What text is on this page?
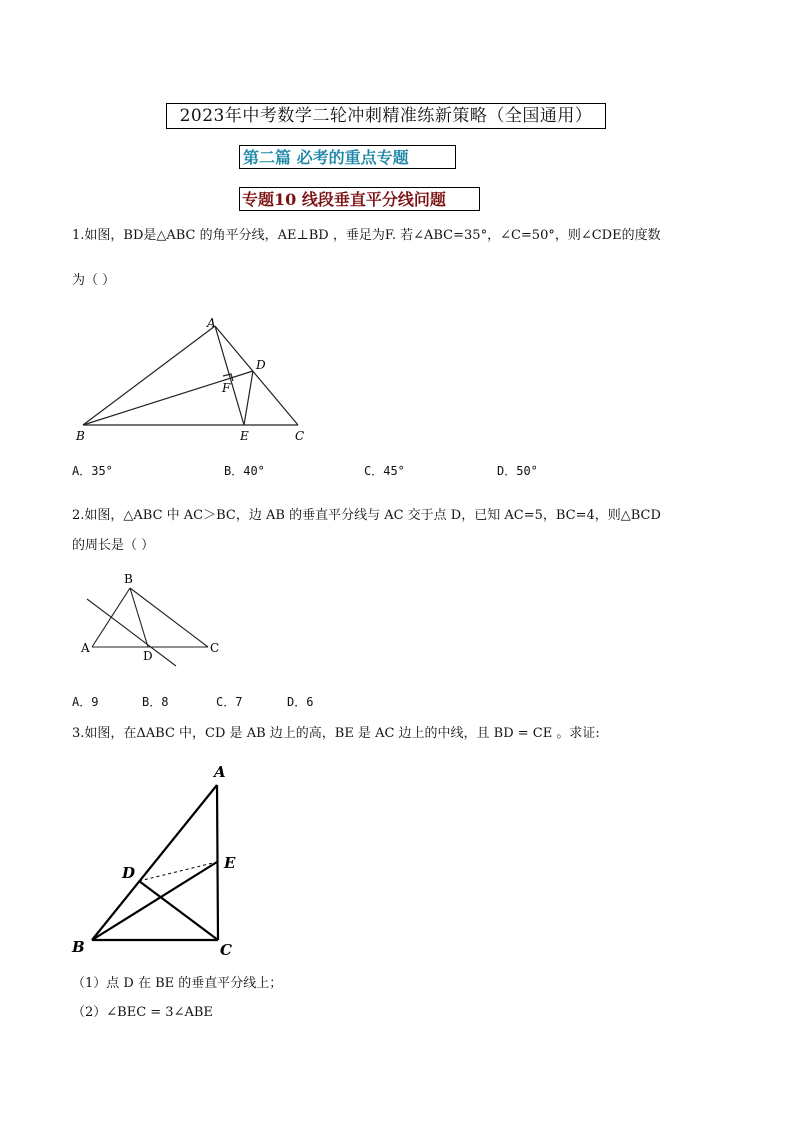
2023年中考数学二轮冲刺精准练新策略（全国通用）
第二篇 必考的重点专题
专题10 线段垂直平分线问题
1.如图，BD是△ABC 的角平分线，AE⊥BD ，垂足为F. 若∠ABC=35°，∠C=50°，则∠CDE的度数
为（ ）
A
D
F
B	E	C
A．35°	B．40°	C．45°	D．50°
2.如图，△ABC 中 AC＞BC，边 AB 的垂直平分线与 AC 交于点 D，已知 AC=5，BC=4，则△BCD
的周长是（ ）
B
A
D
C
A．9	B．8	C．7	D．6
3.如图，在ΔABC 中，CD 是 AB 边上的高，BE 是 AC 边上的中线，且 BD = CE 。求证:
A
E
D
B	C
（1）点 D 在 BE 的垂直平分线上；
（2）∠BEC = 3∠ABE
